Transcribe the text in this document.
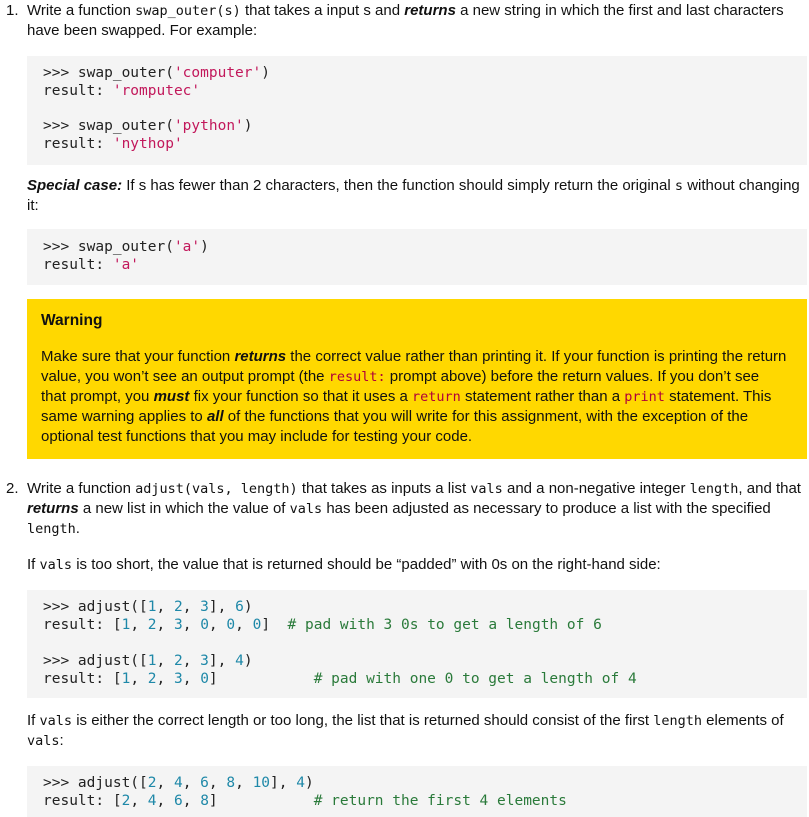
1. Write a function swap_outer(s) that takes a input s and returns a new string in which the first and last characters have been swapped. For example:

>>> swap_outer('computer')
result: 'romputec'
>>> swap_outer('python')
result: 'nythop'

Special case: If s has fewer than 2 characters, then the function should simply return the original s without changing it:

>>> swap_outer('a')
result: 'a'
Warning
Make sure that your function returns the correct value rather than printing it. If your function is printing the return value, you won’t see an output prompt (the result: prompt above) before the return values. If you don’t see that prompt, you must fix your function so that it uses a return statement rather than a print statement. This same warning applies to all of the functions that you will write for this assignment, with the exception of the optional test functions that you may include for testing your code.
2. Write a function adjust(vals, length) that takes as inputs a list vals and a non-negative integer length, and that returns a new list in which the value of vals has been adjusted as necessary to produce a list with the specified length.

If vals is too short, the value that is returned should be “padded” with 0s on the right-hand side:

>>> adjust([1, 2, 3], 6)
result: [1, 2, 3, 0, 0, 0] # pad with 3 0s to get a length of 6
>>> adjust([1, 2, 3], 4)
result: [1, 2, 3, 0]	# pad with one 0 to get a length of 4

If vals is either the correct length or too long, the list that is returned should consist of the first length elements of vals:

>>> adjust([2, 4, 6, 8, 10], 4)
result: [2, 4, 6, 8]	# return the first 4 elements
